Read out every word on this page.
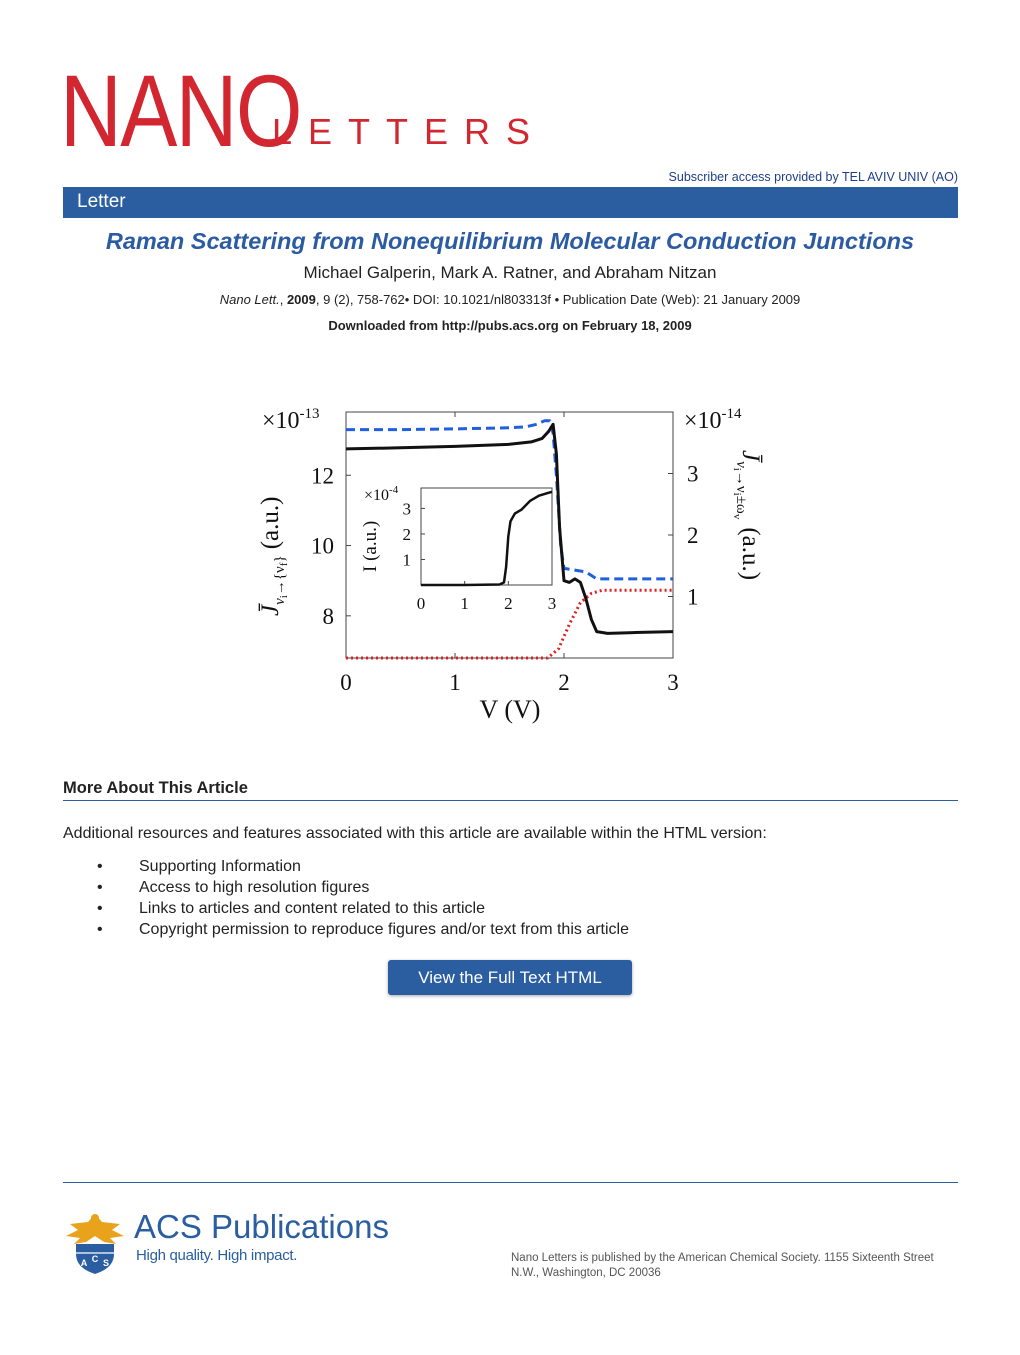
NANO
LETTERS
Subscriber access provided by TEL AVIV UNIV (AO)
Letter
Raman Scattering from Nonequilibrium Molecular Conduction Junctions
Michael Galperin, Mark A. Ratner, and Abraham Nitzan
Nano Lett., 2009, 9 (2), 758-762• DOI: 10.1021/nl803313f • Publication Date (Web): 21 January 2009
Downloaded from http://pubs.acs.org on February 18, 2009
0	1	2	3
8
10
12
1
2
3
$\times 10^{-13}$	$\times 10^{-14}$
$J̄_\nu i\to\{\nu f\}(a.u.)$
$J̄_\nu i\to\nu i\pm\omega v(a.u.)$
V (V)
$\times 10^{-4}$
I (a.u.)
0 1 2 3
1
2
3
More About This Article
Additional resources and features associated with this article are available within the HTML version:
• Supporting Information
• Access to high resolution figures
• Links to articles and content related to this article
• Copyright permission to reproduce figures and/or text from this article
View the Full Text HTML
A C S
ACS Publications
High quality. High impact.	Nano Letters is published by the American Chemical Society. 1155 Sixteenth Street N.W., Washington, DC 20036
